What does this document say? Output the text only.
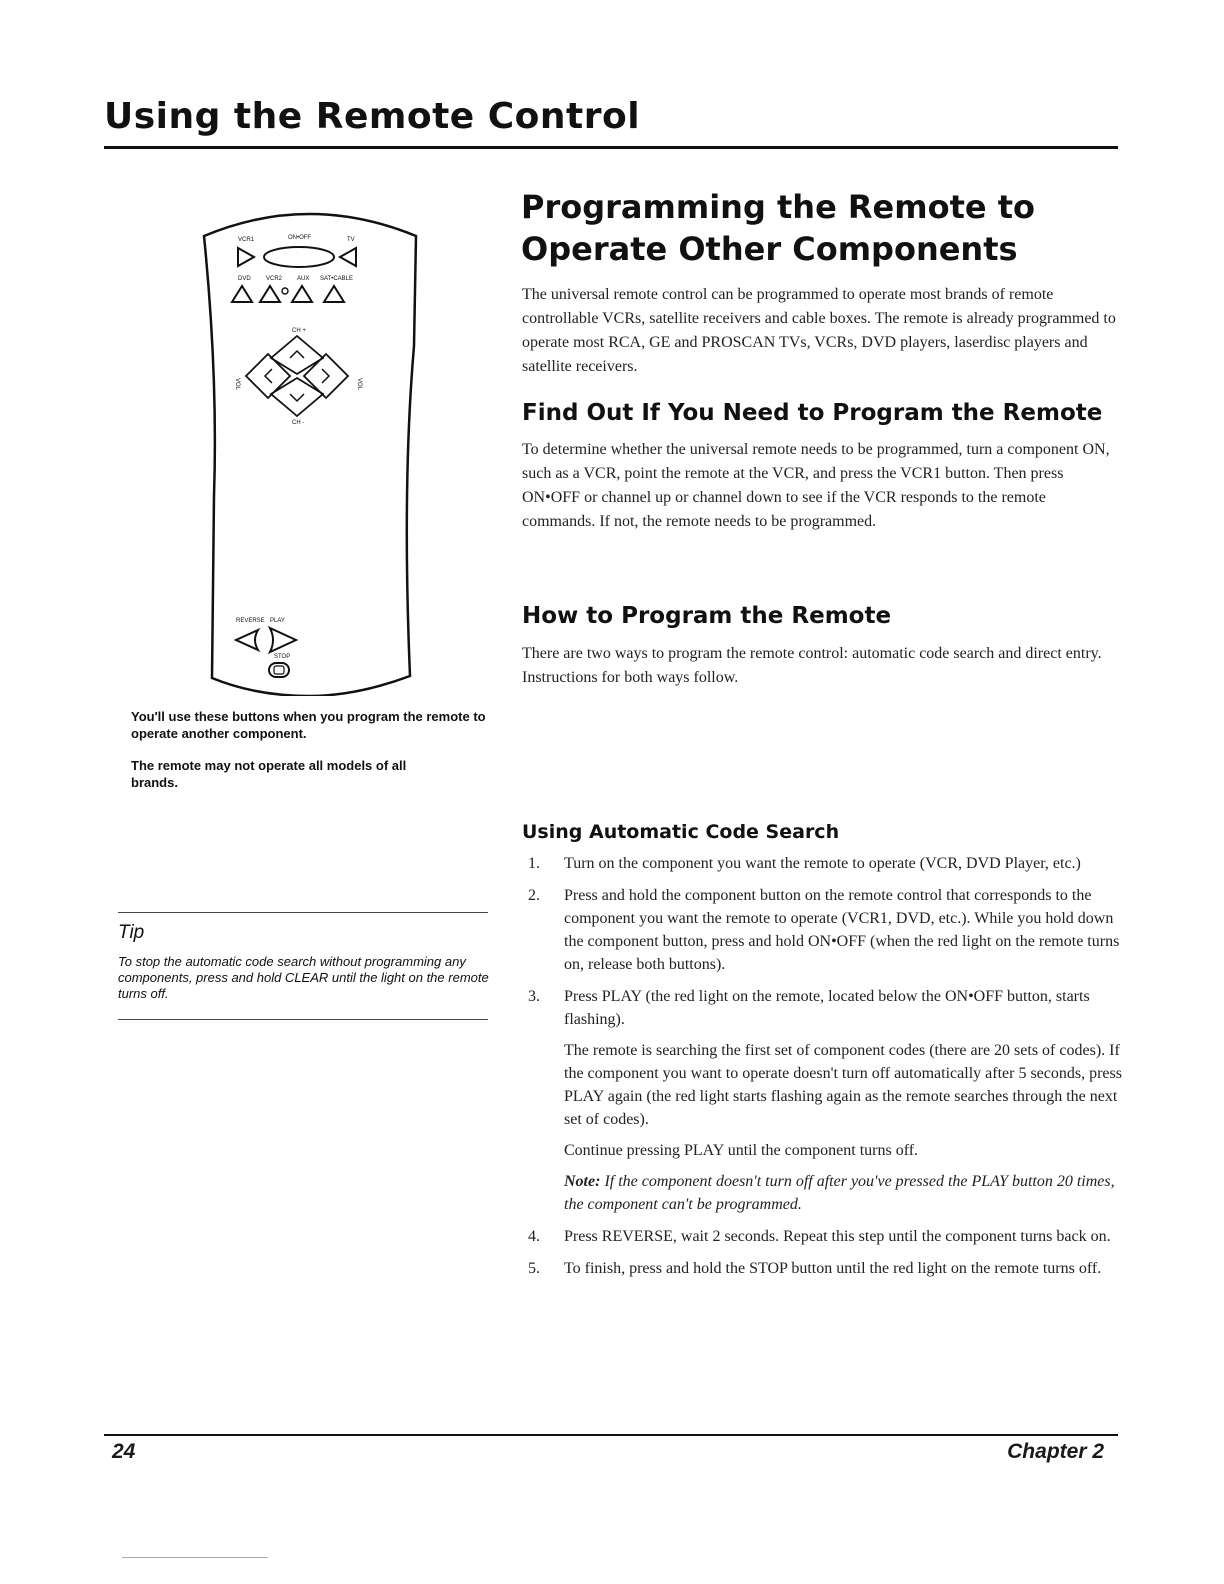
Using the Remote Control
VCR1	ON•OFF	TV
DVD	VCR2 AUX SAT•CABLE
CH +
CH -
VOL	VOL
REVERSE PLAY
STOP
You'll use these buttons when you program the remote to operate another component.
The remote may not operate all models of all brands.
Tip
To stop the automatic code search without programming any components, press and hold CLEAR until the light on the remote turns off.
Programming the Remote to Operate Other Components
The universal remote control can be programmed to operate most brands of remote controllable VCRs, satellite receivers and cable boxes. The remote is already programmed to operate most RCA, GE and PROSCAN TVs, VCRs, DVD players, laserdisc players and satellite receivers.
Find Out If You Need to Program the Remote
To determine whether the universal remote needs to be programmed, turn a component ON, such as a VCR, point the remote at the VCR, and press the VCR1 button. Then press ON•OFF or channel up or channel down to see if the VCR responds to the remote commands. If not, the remote needs to be programmed.
How to Program the Remote
There are two ways to program the remote control: automatic code search and direct entry. Instructions for both ways follow.
Using Automatic Code Search
1. Turn on the component you want the remote to operate (VCR, DVD Player, etc.)
2. Press and hold the component button on the remote control that corresponds to the component you want the remote to operate (VCR1, DVD, etc.). While you hold down the component button, press and hold ON•OFF (when the red light on the remote turns on, release both buttons).
3. Press PLAY (the red light on the remote, located below the ON•OFF button, starts flashing).
The remote is searching the first set of component codes (there are 20 sets of codes). If the component you want to operate doesn't turn off automatically after 5 seconds, press PLAY again (the red light starts flashing again as the remote searches through the next set of codes).
Continue pressing PLAY until the component turns off.
Note: If the component doesn't turn off after you've pressed the PLAY button 20 times, the component can't be programmed.
4. Press REVERSE, wait 2 seconds. Repeat this step until the component turns back on.
5. To finish, press and hold the STOP button until the red light on the remote turns off.
24	Chapter 2
